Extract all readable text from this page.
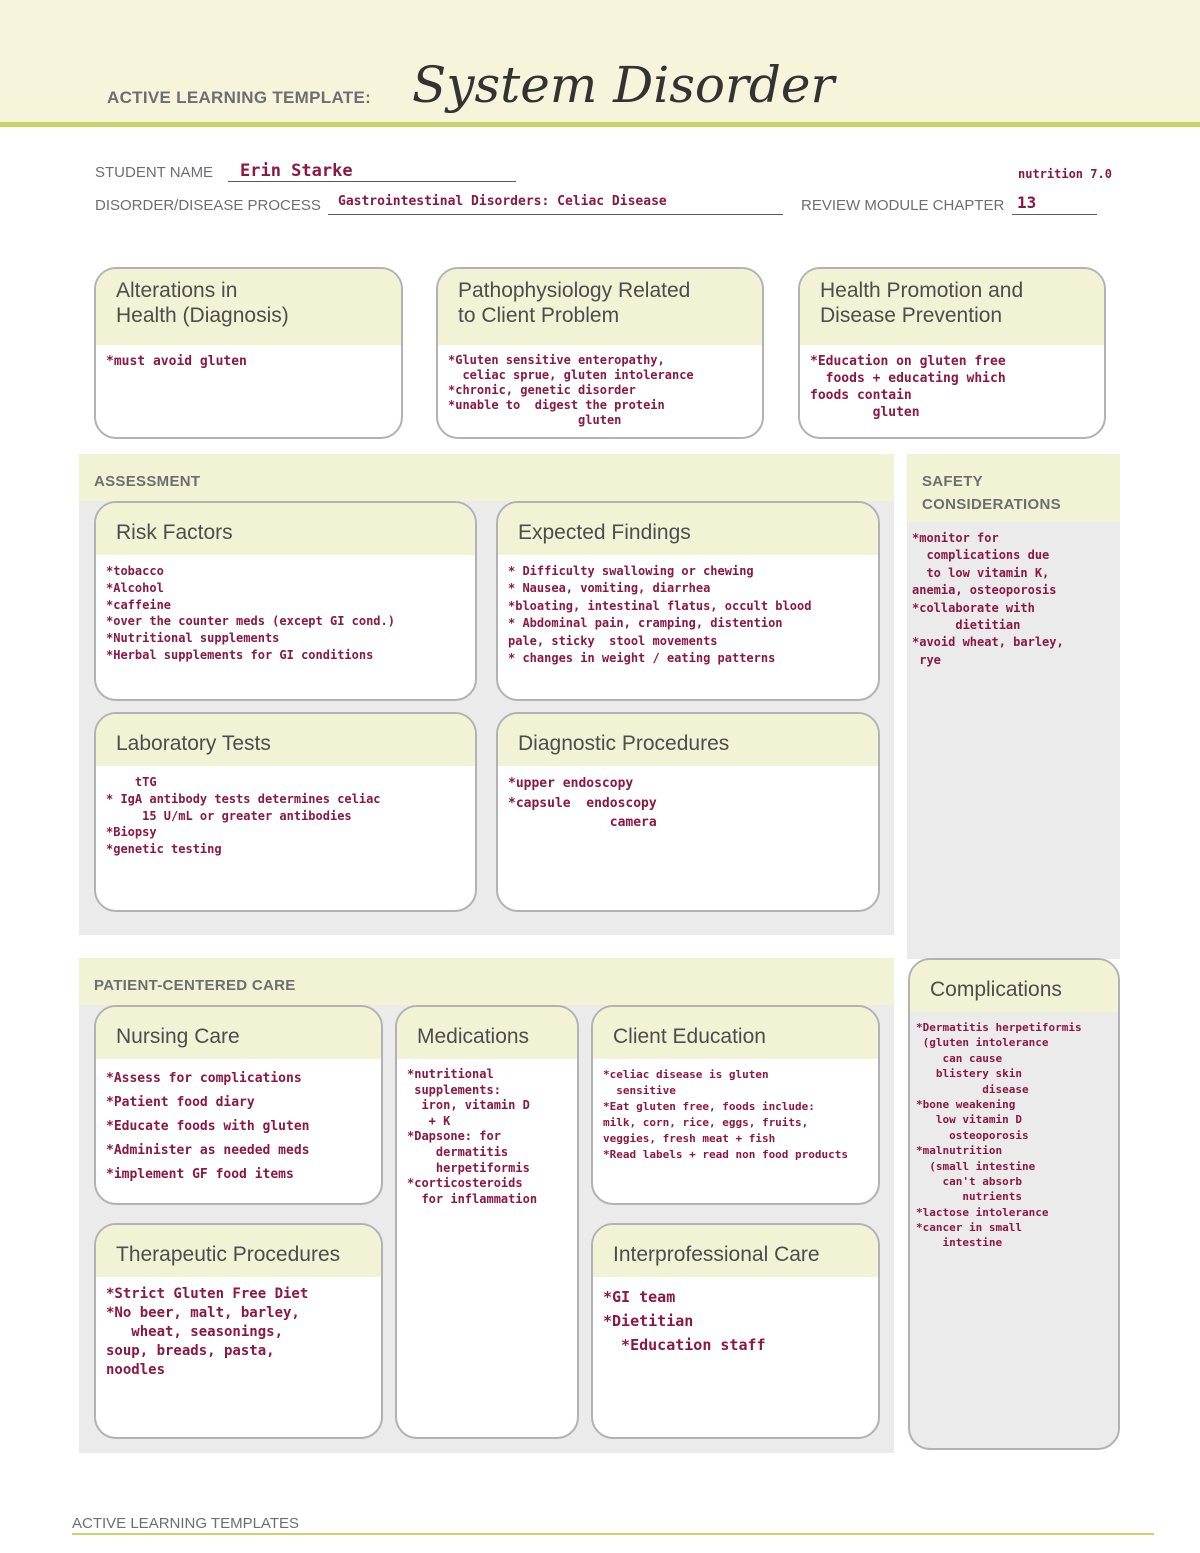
ACTIVE LEARNING TEMPLATE: System Disorder
STUDENT NAME Erin Starke	nutrition 7.0
DISORDER/DISEASE PROCESS Gastrointestinal Disorders: Celiac Disease	REVIEW MODULE CHAPTER 13
Alterations in
Health (Diagnosis)
*must avoid gluten
Pathophysiology Related
to Client Problem
*Gluten sensitive enteropathy,
celiac sprue, gluten intolerance
*chronic, genetic disorder
*unable to  digest the protein
gluten
Health Promotion and
Disease Prevention
*Education on gluten free
foods + educating which
foods contain
gluten
ASSESSMENT
Risk Factors
*tobacco
*Alcohol
*caffeine
*over the counter meds (except GI cond.)
*Nutritional supplements
*Herbal supplements for GI conditions
Expected Findings
* Difficulty swallowing or chewing
* Nausea, vomiting, diarrhea
*bloating, intestinal flatus, occult blood
* Abdominal pain, cramping, distention
pale, sticky  stool movements
* changes in weight / eating patterns
Laboratory Tests
tTG
* IgA antibody tests determines celiac
15 U/mL or greater antibodies
*Biopsy
*genetic testing
Diagnostic Procedures
*upper endoscopy
*capsule  endoscopy
camera
SAFETY
CONSIDERATIONS
*monitor for
complications due
to low vitamin K,
anemia, osteoporosis
*collaborate with
dietitian
*avoid wheat, barley,
rye
PATIENT-CENTERED CARE
Nursing Care
*Assess for complications
*Patient food diary
*Educate foods with gluten
*Administer as needed meds
*implement GF food items
Medications
*nutritional
supplements:
iron, vitamin D
+ K
*Dapsone: for
dermatitis
herpetiformis
*corticosteroids
for inflammation
Client Education
*celiac disease is gluten
sensitive
*Eat gluten free, foods include:
milk, corn, rice, eggs, fruits,
veggies, fresh meat + fish
*Read labels + read non food products
Therapeutic Procedures
*Strict Gluten Free Diet
*No beer, malt, barley,
wheat, seasonings,
soup, breads, pasta,
noodles
Interprofessional Care
*GI team
*Dietitian
*Education staff
Complications
*Dermatitis herpetiformis
(gluten intolerance
can cause
blistery skin
disease
*bone weakening
low vitamin D
osteoporosis
*malnutrition
(small intestine
can't absorb
nutrients
*lactose intolerance
*cancer in small
intestine
ACTIVE LEARNING TEMPLATES
